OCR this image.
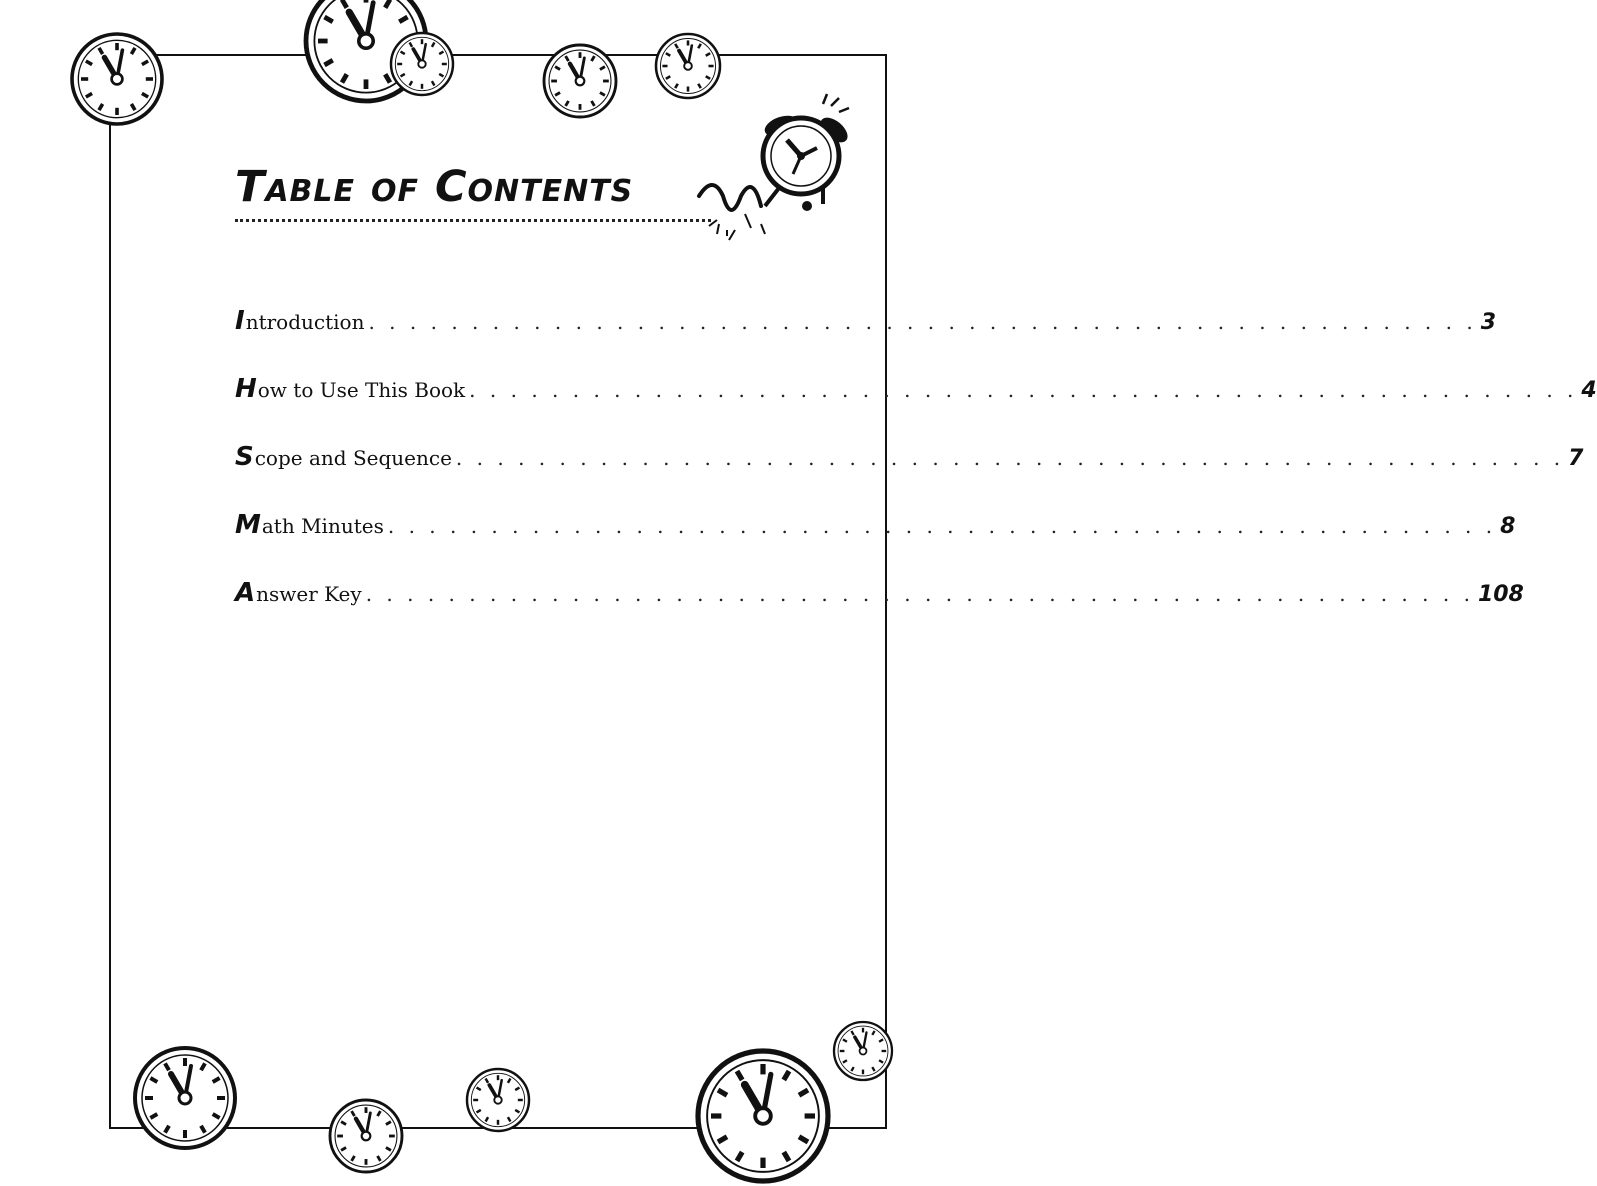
Table of Contents
Introduction . . . . . . . . . . . . . . . . . . . . . . . . . . . . . . . . . . . . . . . . . . . . . . . . . . . . . . 3
How to Use This Book . . . . . . . . . . . . . . . . . . . . . . . . . . . . . . . . . . . . . . . . . . . . . . . . . . . . . . 4
Scope and Sequence . . . . . . . . . . . . . . . . . . . . . . . . . . . . . . . . . . . . . . . . . . . . . . . . . . . . . . 7
Math Minutes . . . . . . . . . . . . . . . . . . . . . . . . . . . . . . . . . . . . . . . . . . . . . . . . . . . . . . 8
Answer Key . . . . . . . . . . . . . . . . . . . . . . . . . . . . . . . . . . . . . . . . . . . . . . . . . . . . . . 108
